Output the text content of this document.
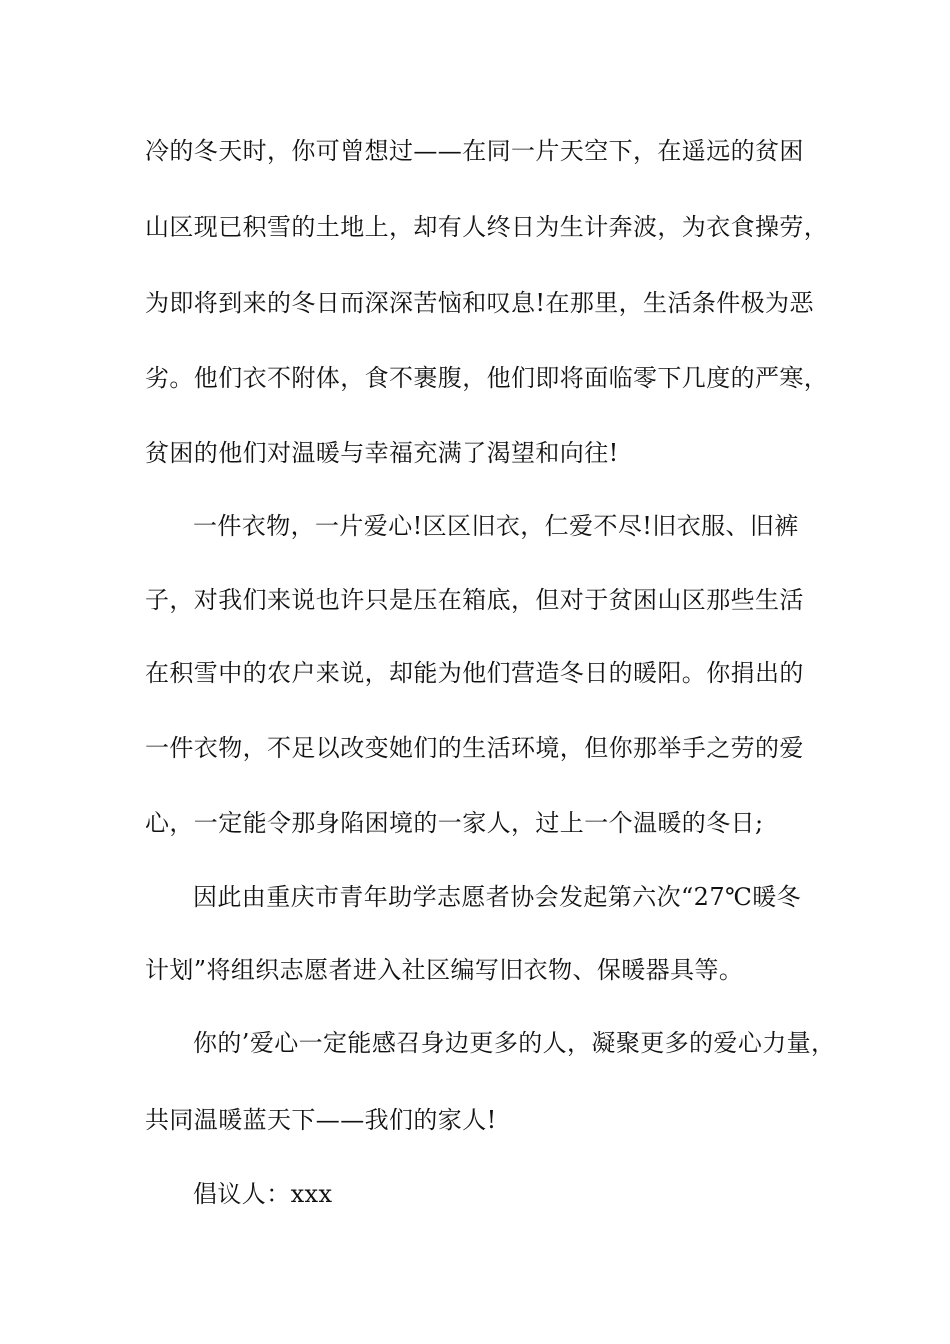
冷的冬天时，你可曾想过——在同一片天空下，在遥远的贫困
山区现已积雪的土地上，却有人终日为生计奔波，为衣食操劳，
为即将到来的冬日而深深苦恼和叹息!在那里，生活条件极为恶
劣。他们衣不附体，食不裹腹，他们即将面临零下几度的严寒，
贫困的他们对温暖与幸福充满了渴望和向往!
一件衣物，一片爱心!区区旧衣，仁爱不尽!旧衣服、旧裤
子，对我们来说也许只是压在箱底，但对于贫困山区那些生活
在积雪中的农户来说，却能为他们营造冬日的暖阳。你捐出的
一件衣物，不足以改变她们的生活环境，但你那举手之劳的爱
心，一定能令那身陷困境的一家人，过上一个温暖的冬日;
因此由重庆市青年助学志愿者协会发起第六次“27℃暖冬
计划”将组织志愿者进入社区编写旧衣物、保暖器具等。
你的’爱心一定能感召身边更多的人，凝聚更多的爱心力量，
共同温暖蓝天下——我们的家人!
倡议人：xxx
